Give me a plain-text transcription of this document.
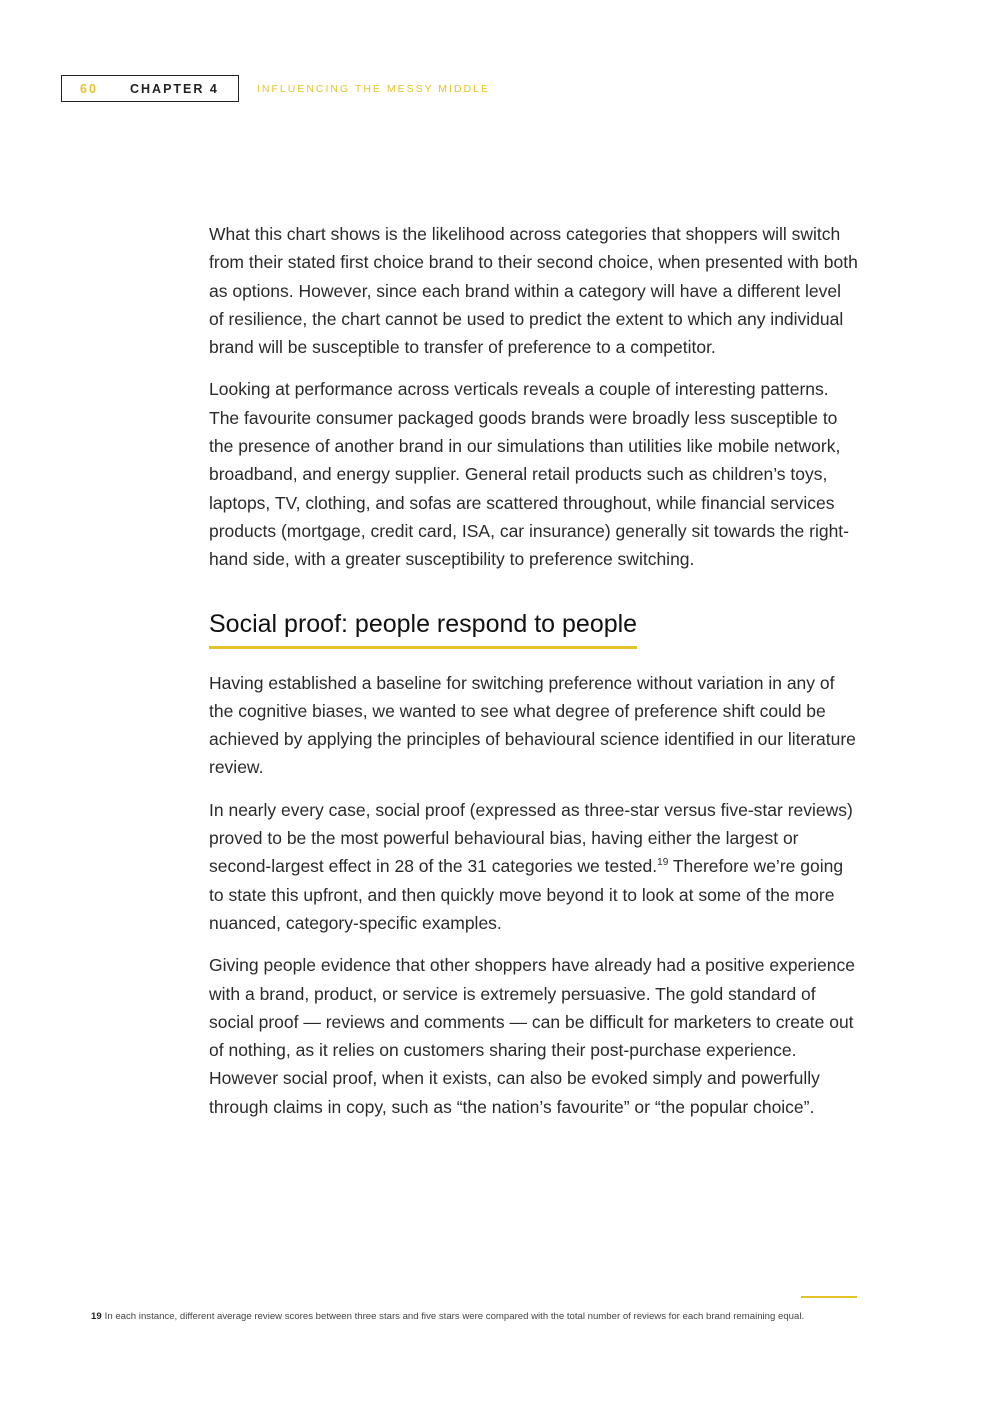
60	CHAPTER 4	INFLUENCING THE MESSY MIDDLE

What this chart shows is the likelihood across categories that shoppers will switch from their stated first choice brand to their second choice, when presented with both as options. However, since each brand within a category will have a different level of resilience, the chart cannot be used to predict the extent to which any individual brand will be susceptible to transfer of preference to a competitor.

Looking at performance across verticals reveals a couple of interesting patterns. The favourite consumer packaged goods brands were broadly less susceptible to the presence of another brand in our simulations than utilities like mobile network, broadband, and energy supplier. General retail products such as children’s toys, laptops, TV, clothing, and sofas are scattered throughout, while financial services products (mortgage, credit card, ISA, car insurance) generally sit towards the right-hand side, with a greater susceptibility to preference switching.

Social proof: people respond to people

Having established a baseline for switching preference without variation in any of the cognitive biases, we wanted to see what degree of preference shift could be achieved by applying the principles of behavioural science identified in our literature review.

In nearly every case, social proof (expressed as three-star versus five-star reviews) proved to be the most powerful behavioural bias, having either the largest or second-largest effect in 28 of the 31 categories we tested.$^{19}$ Therefore we’re going to state this upfront, and then quickly move beyond it to look at some of the more nuanced, category-specific examples.

Giving people evidence that other shoppers have already had a positive experience with a brand, product, or service is extremely persuasive. The gold standard of social proof — reviews and comments — can be difficult for marketers to create out of nothing, as it relies on customers sharing their post-purchase experience. However social proof, when it exists, can also be evoked simply and powerfully through claims in copy, such as “the nation’s favourite” or “the popular choice”.

19 In each instance, different average review scores between three stars and five stars were compared with the total number of reviews for each brand remaining equal.
